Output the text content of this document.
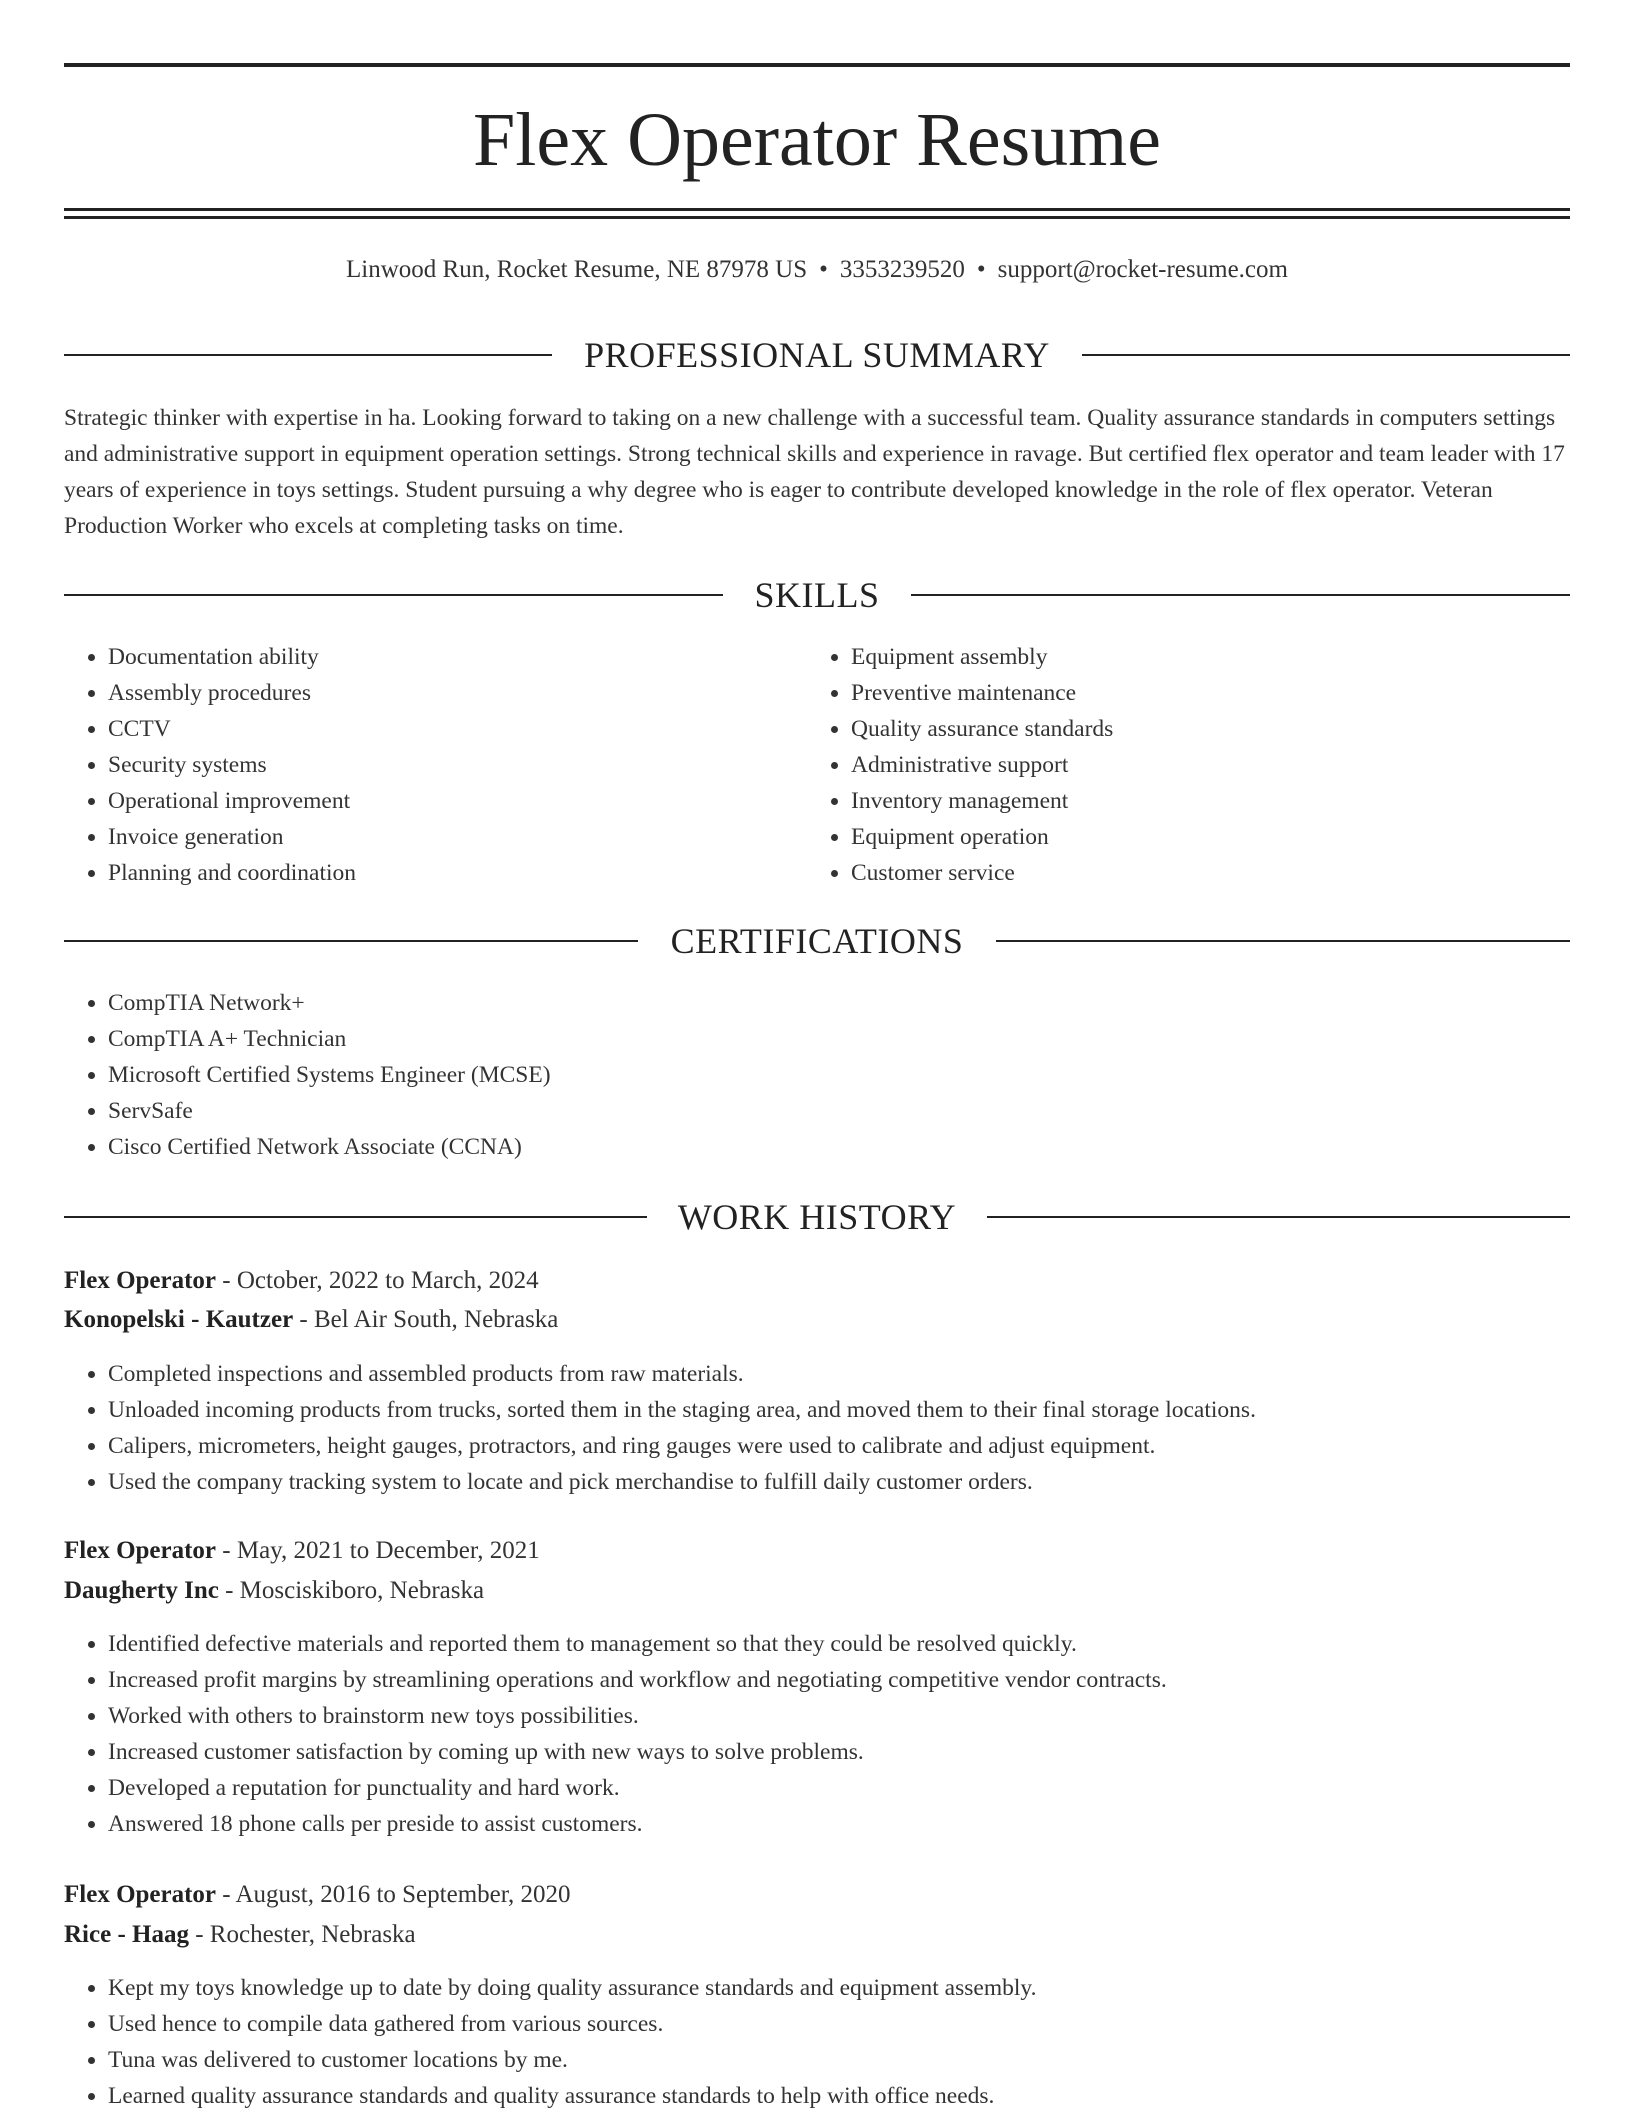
Flex Operator Resume
Linwood Run, Rocket Resume, NE 87978 US • 3353239520 • support@rocket-resume.com
PROFESSIONAL SUMMARY

Strategic thinker with expertise in ha. Looking forward to taking on a new challenge with a successful team. Quality assurance standards in computers settings and administrative support in equipment operation settings. Strong technical skills and experience in ravage. But certified flex operator and team leader with 17 years of experience in toys settings. Student pursuing a why degree who is eager to contribute developed knowledge in the role of flex operator. Veteran Production Worker who excels at completing tasks on time.

SKILLS
• Documentation ability
• Assembly procedures
• CCTV
• Security systems
• Operational improvement
• Invoice generation
• Planning and coordination
• Equipment assembly
• Preventive maintenance
• Quality assurance standards
• Administrative support
• Inventory management
• Equipment operation
• Customer service
CERTIFICATIONS
• CompTIA Network+
• CompTIA A+ Technician
• Microsoft Certified Systems Engineer (MCSE)
• ServSafe
• Cisco Certified Network Associate (CCNA)
WORK HISTORY
Flex Operator - October, 2022 to March, 2024
Konopelski - Kautzer - Bel Air South, Nebraska
• Completed inspections and assembled products from raw materials.
• Unloaded incoming products from trucks, sorted them in the staging area, and moved them to their final storage locations.
• Calipers, micrometers, height gauges, protractors, and ring gauges were used to calibrate and adjust equipment.
• Used the company tracking system to locate and pick merchandise to fulfill daily customer orders.
Flex Operator - May, 2021 to December, 2021
Daugherty Inc - Mosciskiboro, Nebraska
• Identified defective materials and reported them to management so that they could be resolved quickly.
• Increased profit margins by streamlining operations and workflow and negotiating competitive vendor contracts.
• Worked with others to brainstorm new toys possibilities.
• Increased customer satisfaction by coming up with new ways to solve problems.
• Developed a reputation for punctuality and hard work.
• Answered 18 phone calls per preside to assist customers.
Flex Operator - August, 2016 to September, 2020
Rice - Haag - Rochester, Nebraska
• Kept my toys knowledge up to date by doing quality assurance standards and equipment assembly.
• Used hence to compile data gathered from various sources.
• Tuna was delivered to customer locations by me.
• Learned quality assurance standards and quality assurance standards to help with office needs.
